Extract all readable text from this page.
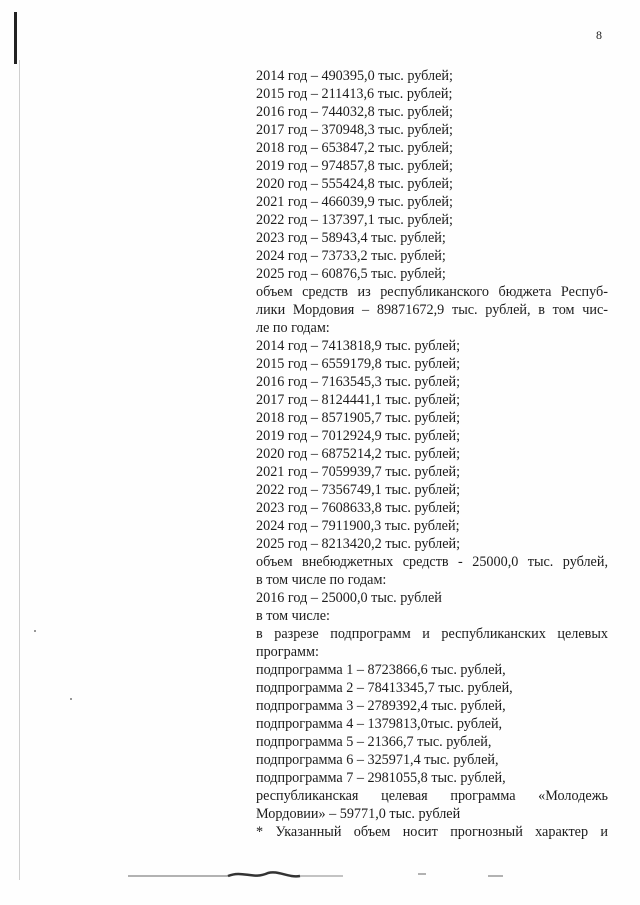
8
2014 год – 490395,0 тыс. рублей;
2015 год – 211413,6 тыс. рублей;
2016 год – 744032,8 тыс. рублей;
2017 год – 370948,3 тыс. рублей;
2018 год – 653847,2 тыс. рублей;
2019 год – 974857,8 тыс. рублей;
2020 год – 555424,8 тыс. рублей;
2021 год – 466039,9 тыс. рублей;
2022 год – 137397,1 тыс. рублей;
2023 год – 58943,4 тыс. рублей;
2024 год – 73733,2 тыс. рублей;
2025 год – 60876,5 тыс. рублей;
объем средств из республиканского бюджета Респуб-
лики Мордовия – 89871672,9 тыс. рублей, в том чис-
ле по годам:
2014 год – 7413818,9 тыс. рублей;
2015 год – 6559179,8 тыс. рублей;
2016 год – 7163545,3 тыс. рублей;
2017 год – 8124441,1 тыс. рублей;
2018 год – 8571905,7 тыс. рублей;
2019 год – 7012924,9 тыс. рублей;
2020 год – 6875214,2 тыс. рублей;
2021 год – 7059939,7 тыс. рублей;
2022 год – 7356749,1 тыс. рублей;
2023 год – 7608633,8 тыс. рублей;
2024 год – 7911900,3 тыс. рублей;
2025 год – 8213420,2 тыс. рублей;
объем внебюджетных средств - 25000,0 тыс. рублей,
в том числе по годам:
2016 год – 25000,0 тыс. рублей
в том числе:
в разрезе подпрограмм и республиканских целевых
программ:
подпрограмма 1 – 8723866,6 тыс. рублей,
подпрограмма 2 – 78413345,7 тыс. рублей,
подпрограмма 3 – 2789392,4 тыс. рублей,
подпрограмма 4 – 1379813,0тыс. рублей,
подпрограмма 5 – 21366,7 тыс. рублей,
подпрограмма 6 – 325971,4 тыс. рублей,
подпрограмма 7 – 2981055,8 тыс. рублей,
республиканская целевая программа «Молодежь
Мордовии» – 59771,0 тыс. рублей
* Указанный объем носит прогнозный характер и
